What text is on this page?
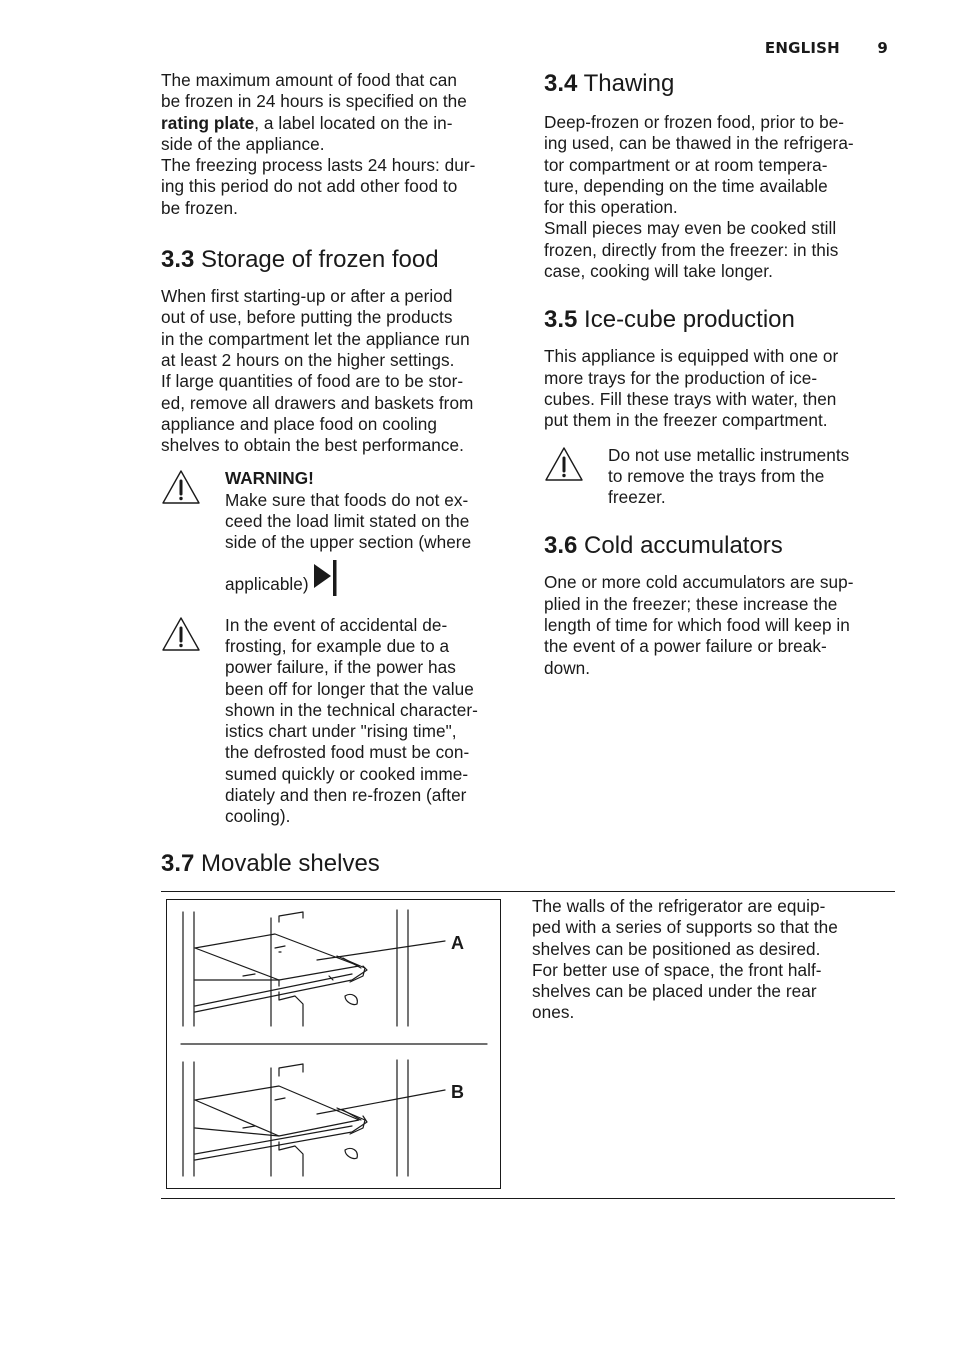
ENGLISH 9

The maximum amount of food that can
be frozen in 24 hours is specified on the
rating plate, a label located on the in-
side of the appliance.
The freezing process lasts 24 hours: dur-
ing this period do not add other food to
be frozen.

3.3 Storage of frozen food

When first starting-up or after a period
out of use, before putting the products
in the compartment let the appliance run
at least 2 hours on the higher settings.
If large quantities of food are to be stor-
ed, remove all drawers and baskets from
appliance and place food on cooling
shelves to obtain the best performance.

WARNING!

Make sure that foods do not ex-
ceed the load limit stated on the
side of the upper section (where

applicable)

In the event of accidental de-
frosting, for example due to a
power failure, if the power has
been off for longer that the value
shown in the technical character-
istics chart under "rising time",
the defrosted food must be con-
sumed quickly or cooked imme-
diately and then re-frozen (after
cooling).

3.4 Thawing

Deep-frozen or frozen food, prior to be-
ing used, can be thawed in the refrigera-
tor compartment or at room tempera-
ture, depending on the time available
for this operation.
Small pieces may even be cooked still
frozen, directly from the freezer: in this
case, cooking will take longer.

3.5 Ice-cube production

This appliance is equipped with one or
more trays for the production of ice-
cubes. Fill these trays with water, then
put them in the freezer compartment.

Do not use metallic instruments
to remove the trays from the
freezer.

3.6 Cold accumulators

One or more cold accumulators are sup-
plied in the freezer; these increase the
length of time for which food will keep in
the event of a power failure or break-
down.

3.7 Movable shelves
A
B

The walls of the refrigerator are equip-
ped with a series of supports so that the
shelves can be positioned as desired.
For better use of space, the front half-
shelves can be placed under the rear
ones.
